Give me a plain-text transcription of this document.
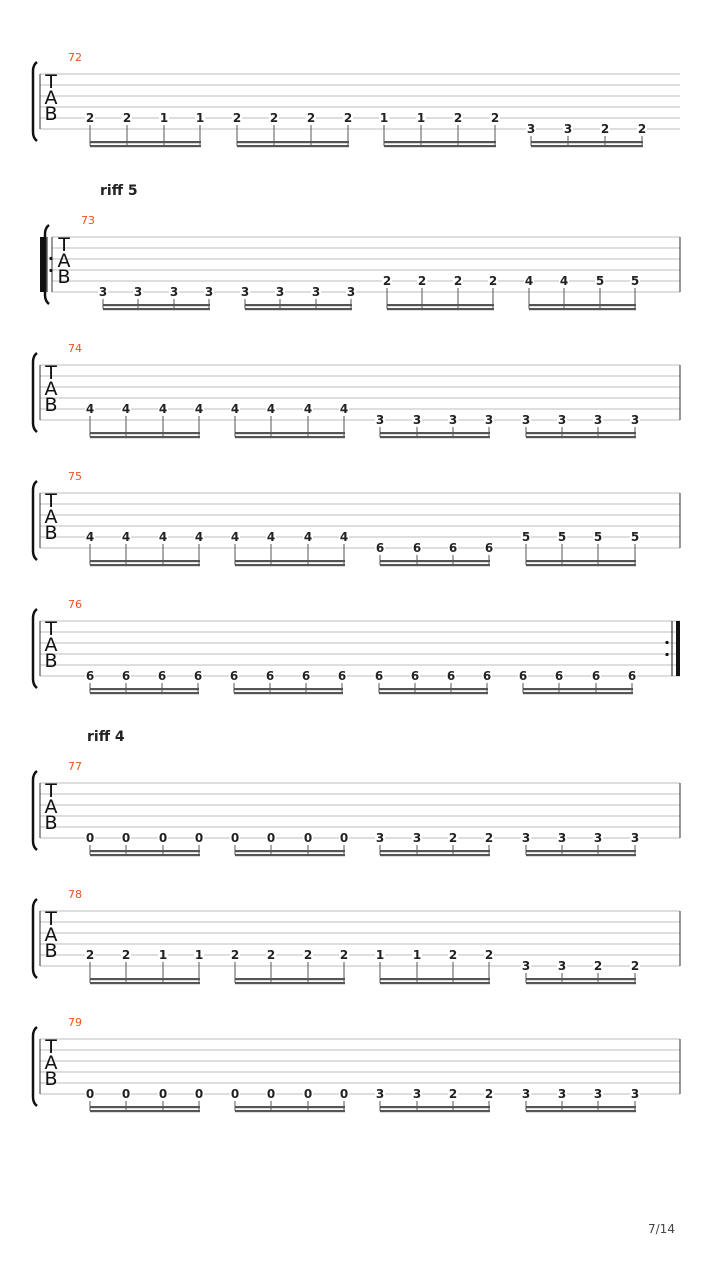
72
T
A
B 2 2 1 1 2 2 2 2 1 1 2 2
3 3 2 2
riff 5
73
T
A
B
3 3 3 3 3 3 3 3
2 2 2 2 4 4 5 5
74
T
A
B 4 4 4 4 4 4 4 4
3 3 3 3 3 3 3 3
75
T
A
B 4 4 4 4 4 4 4 4
6 6 6 6
5 5 5 5
76
T
A
B
6 6 6 6 6 6 6 6 6 6 6 6 6 6 6 6
riff 4
77
T
A
B
0 0 0 0 0 0 0 0 3 3 2 2 3 3 3 3
78
T
A
B 2 2 1 1 2 2 2 2 1 1 2 2
3 3 2 2
79
T
A
B
0 0 0 0 0 0 0 0 3 3 2 2 3 3 3 3
7/14
